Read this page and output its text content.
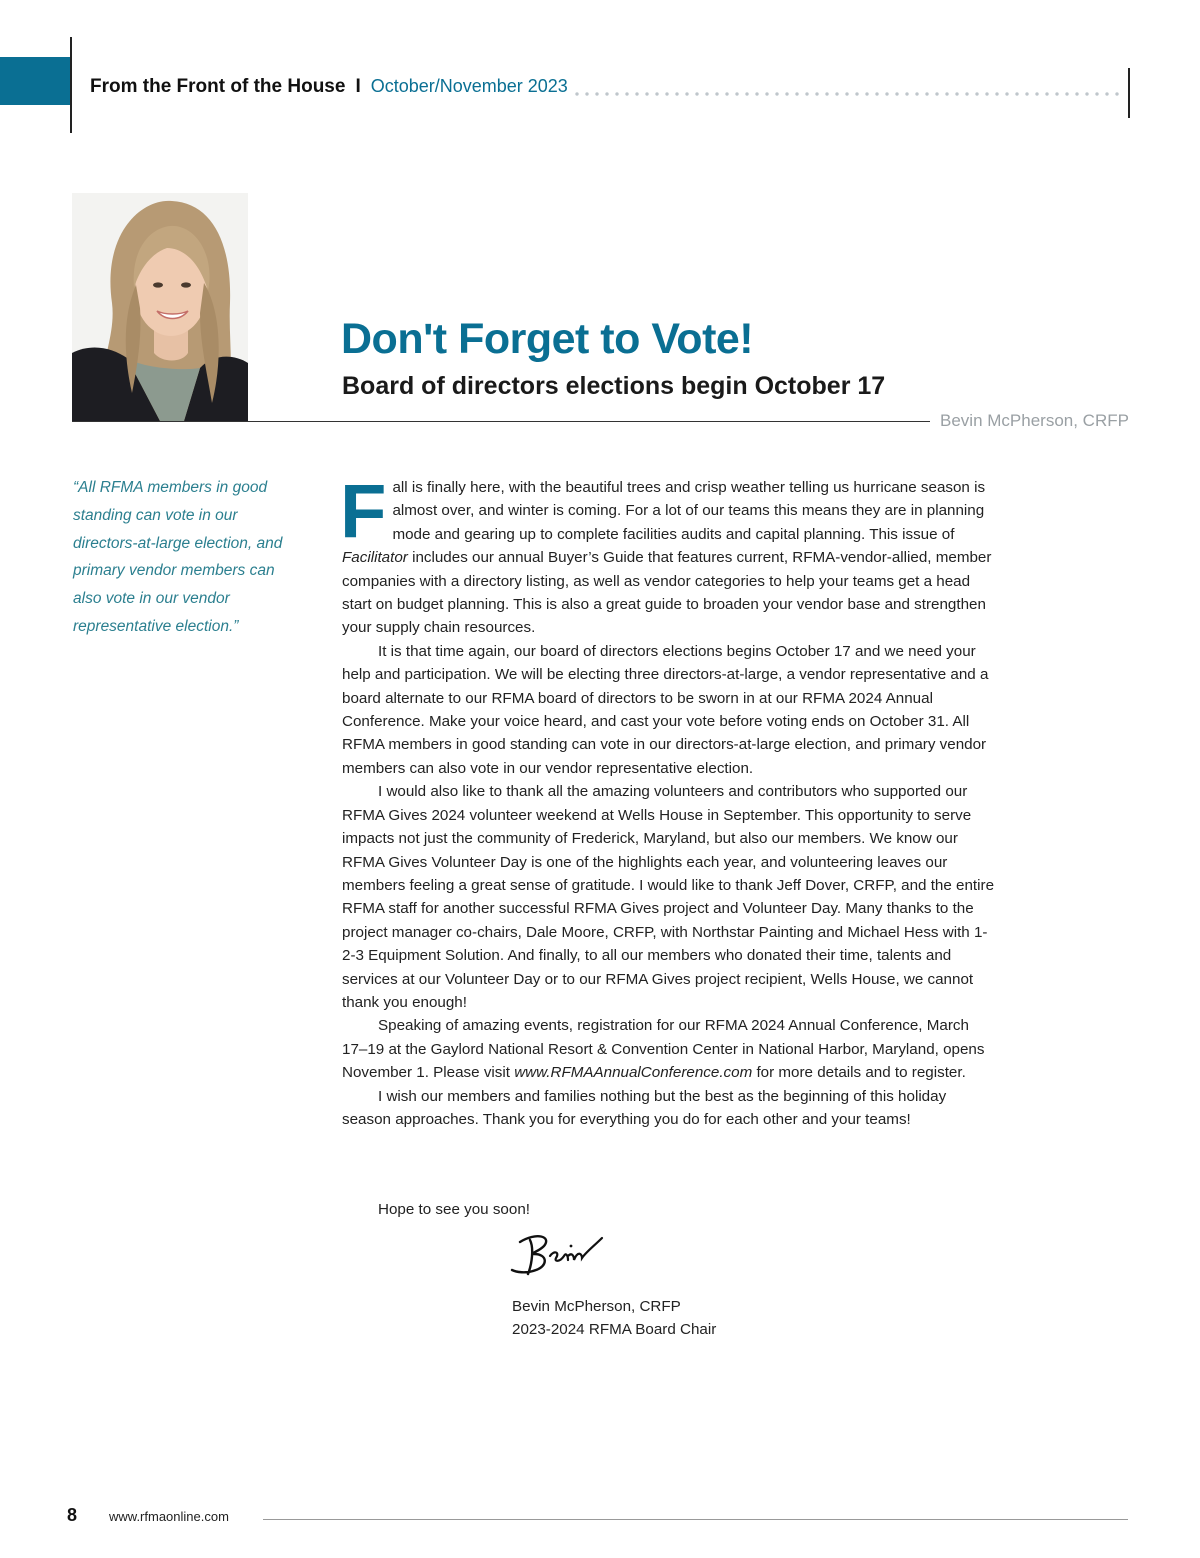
From the Front of the House I October/November 2023
Don't Forget to Vote!
Board of directors elections begin October 17
Bevin McPherson, CRFP
“All RFMA members in good standing can vote in our directors-at-large election, and primary vendor members can also vote in our vendor representative election.”

Fall is finally here, with the beautiful trees and crisp weather telling us hurricane season is almost over, and winter is coming. For a lot of our teams this means they are in planning mode and gearing up to complete facilities audits and capital planning. This issue of Facilitator includes our annual Buyer’s Guide that features current, RFMA-vendor-allied, member companies with a directory listing, as well as vendor categories to help your teams get a head start on budget planning. This is also a great guide to broaden your vendor base and strengthen your supply chain resources.

It is that time again, our board of directors elections begins October 17 and we need your help and participation. We will be electing three directors-at-large, a vendor representative and a board alternate to our RFMA board of directors to be sworn in at our RFMA 2024 Annual Conference. Make your voice heard, and cast your vote before voting ends on October 31. All RFMA members in good standing can vote in our directors-at-large election, and primary vendor members can also vote in our vendor representative election.

I would also like to thank all the amazing volunteers and contributors who supported our RFMA Gives 2024 volunteer weekend at Wells House in September. This opportunity to serve impacts not just the community of Frederick, Maryland, but also our members. We know our RFMA Gives Volunteer Day is one of the highlights each year, and volunteering leaves our members feeling a great sense of gratitude. I would like to thank Jeff Dover, CRFP, and the entire RFMA staff for another successful RFMA Gives project and Volunteer Day. Many thanks to the project manager co-chairs, Dale Moore, CRFP, with Northstar Painting and Michael Hess with 1-2-3 Equipment Solution. And finally, to all our members who donated their time, talents and services at our Volunteer Day or to our RFMA Gives project recipient, Wells House, we cannot thank you enough!

Speaking of amazing events, registration for our RFMA 2024 Annual Conference, March 17–19 at the Gaylord National Resort & Convention Center in National Harbor, Maryland, opens November 1. Please visit www.RFMAAnnualConference.com for more details and to register.

I wish our members and families nothing but the best as the beginning of this holiday season approaches. Thank you for everything you do for each other and your teams!

Hope to see you soon!
Bevin McPherson, CRFP
2023-2024 RFMA Board Chair
8 www.rfmaonline.com
